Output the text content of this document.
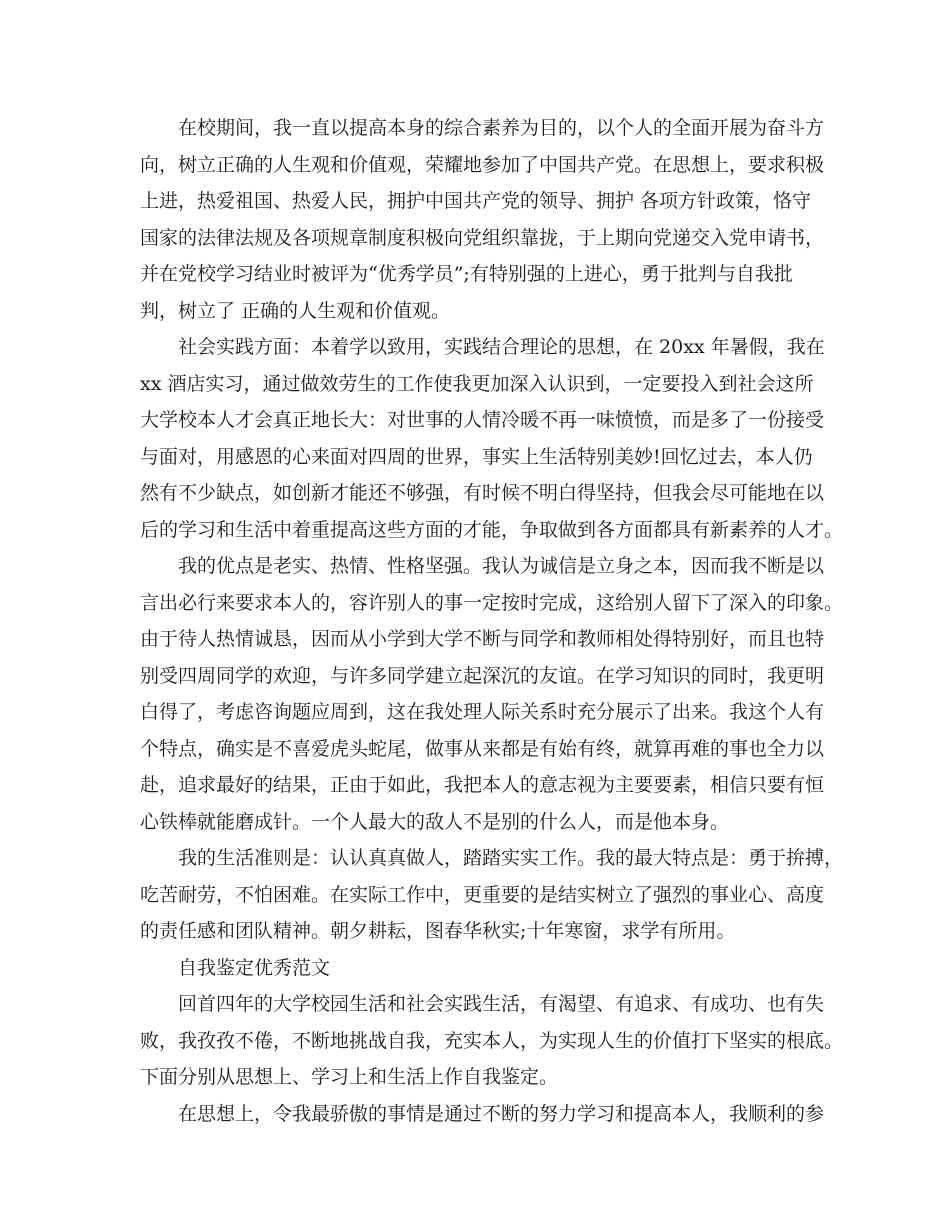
在校期间，我一直以提高本身的综合素养为目的，以个人的全面开展为奋斗方
向，树立正确的人生观和价值观，荣耀地参加了中国共产党。在思想上，要求积极
上进，热爱祖国、热爱人民，拥护中国共产党的领导、拥护 各项方针政策，恪守
国家的法律法规及各项规章制度积极向党组织靠拢，于上期向党递交入党申请书，
并在党校学习结业时被评为“优秀学员”;有特别强的上进心，勇于批判与自我批
判，树立了 正确的人生观和价值观。
社会实践方面：本着学以致用，实践结合理论的思想，在 20xx 年暑假，我在
xx 酒店实习，通过做效劳生的工作使我更加深入认识到，一定要投入到社会这所
大学校本人才会真正地长大：对世事的人情冷暖不再一味愤愤，而是多了一份接受
与面对，用感恩的心来面对四周的世界，事实上生活特别美妙!回忆过去，本人仍
然有不少缺点，如创新才能还不够强，有时候不明白得坚持，但我会尽可能地在以
后的学习和生活中着重提高这些方面的才能，争取做到各方面都具有新素养的人才。
我的优点是老实、热情、性格坚强。我认为诚信是立身之本，因而我不断是以
言出必行来要求本人的，容许别人的事一定按时完成，这给别人留下了深入的印象。
由于待人热情诚恳，因而从小学到大学不断与同学和教师相处得特别好，而且也特
别受四周同学的欢迎，与许多同学建立起深沉的友谊。在学习知识的同时，我更明
白得了，考虑咨询题应周到，这在我处理人际关系时充分展示了出来。我这个人有
个特点，确实是不喜爱虎头蛇尾，做事从来都是有始有终，就算再难的事也全力以
赴，追求最好的结果，正由于如此，我把本人的意志视为主要要素，相信只要有恒
心铁棒就能磨成针。一个人最大的敌人不是别的什么人，而是他本身。
我的生活准则是：认认真真做人，踏踏实实工作。我的最大特点是：勇于拚搏，
吃苦耐劳，不怕困难。在实际工作中，更重要的是结实树立了强烈的事业心、高度
的责任感和团队精神。朝夕耕耘，图春华秋实;十年寒窗，求学有所用。
自我鉴定优秀范文
回首四年的大学校园生活和社会实践生活，有渴望、有追求、有成功、也有失
败，我孜孜不倦，不断地挑战自我，充实本人，为实现人生的价值打下坚实的根底。
下面分别从思想上、学习上和生活上作自我鉴定。
在思想上，令我最骄傲的事情是通过不断的努力学习和提高本人，我顺利的参
